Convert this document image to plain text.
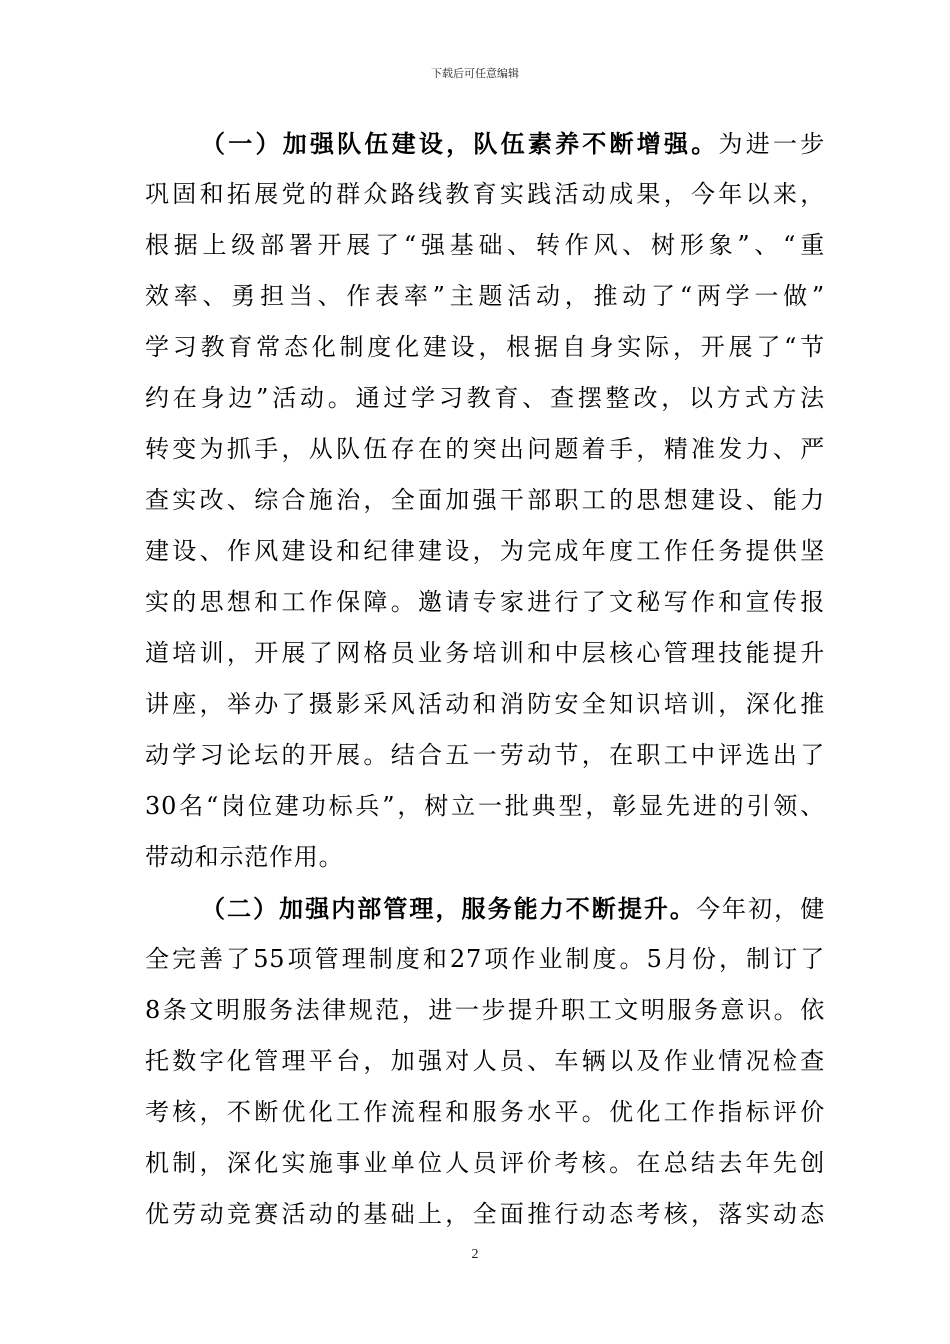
下载后可任意编辑
（一）加强队伍建设，队伍素养不断增强。为进一步
巩固和拓展党的群众路线教育实践活动成果，今年以来，
根据上级部署开展了“强基础、转作风、树形象”、“重
效率、勇担当、作表率”主题活动，推动了“两学一做”
学习教育常态化制度化建设，根据自身实际，开展了“节
约在身边”活动。通过学习教育、查摆整改，以方式方法
转变为抓手，从队伍存在的突出问题着手，精准发力、严
查实改、综合施治，全面加强干部职工的思想建设、能力
建设、作风建设和纪律建设，为完成年度工作任务提供坚
实的思想和工作保障。邀请专家进行了文秘写作和宣传报
道培训，开展了网格员业务培训和中层核心管理技能提升
讲座，举办了摄影采风活动和消防安全知识培训，深化推
动学习论坛的开展。结合五一劳动节，在职工中评选出了
30名“岗位建功标兵”，树立一批典型，彰显先进的引领、
带动和示范作用。
（二）加强内部管理，服务能力不断提升。今年初，健
全完善了55项管理制度和27项作业制度。5月份，制订了
8条文明服务法律规范，进一步提升职工文明服务意识。依
托数字化管理平台，加强对人员、车辆以及作业情况检查
考核，不断优化工作流程和服务水平。优化工作指标评价
机制，深化实施事业单位人员评价考核。在总结去年先创
优劳动竞赛活动的基础上，全面推行动态考核，落实动态
2
